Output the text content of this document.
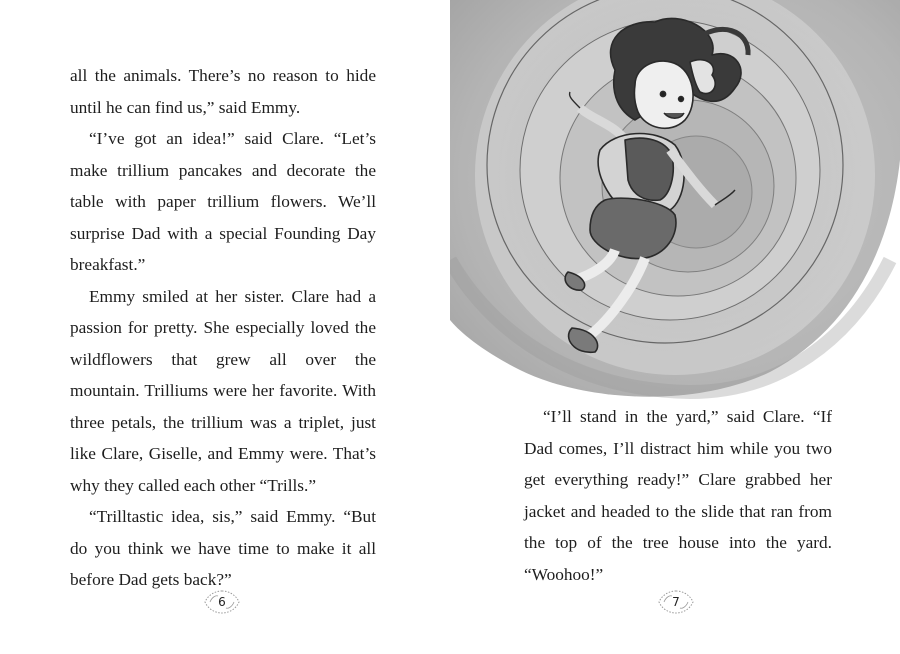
all the animals. There’s no reason to hide until he can find us,” said Emmy.

“I’ve got an idea!” said Clare. “Let’s make trillium pancakes and decorate the table with paper trillium flowers. We’ll surprise Dad with a special Founding Day breakfast.”

Emmy smiled at her sister. Clare had a passion for pretty. She especially loved the wildflowers that grew all over the mountain. Trilliums were her favorite. With three petals, the trillium was a triplet, just like Clare, Giselle, and Emmy were. That’s why they called each other “Trills.”

“Trilltastic idea, sis,” said Emmy. “But do you think we have time to make it all before Dad gets back?”

6

“I’ll stand in the yard,” said Clare. “If Dad comes, I’ll distract him while you two get everything ready!” Clare grabbed her jacket and headed to the slide that ran from the top of the tree house into the yard. “Woohoo!”

7
